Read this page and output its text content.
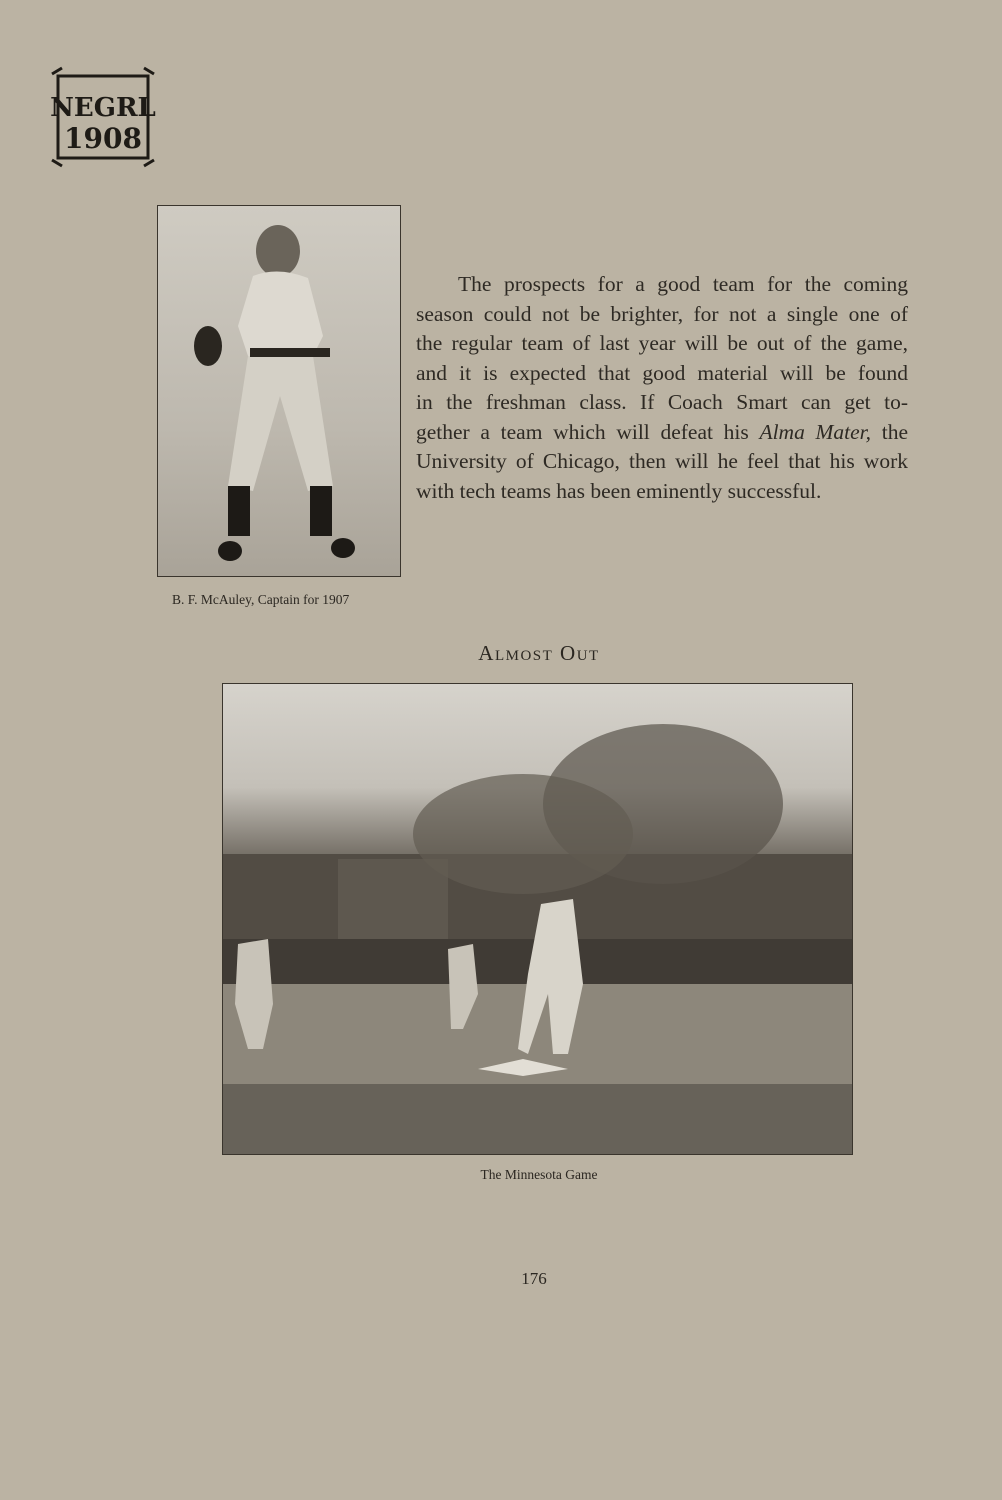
NEGRL
1908
The prospects for a good team for the coming
season could not be brighter, for not a single one of
the regular team of last year will be out of the game,
and it is expected that good material will be found
in the freshman class. If Coach Smart can get to-
gether a team which will defeat his Alma Mater, the
University of Chicago, then will he feel that his work
with tech teams has been eminently successful.
B. F. McAuley, Captain for 1907
Almost Out
The Minnesota Game
176
